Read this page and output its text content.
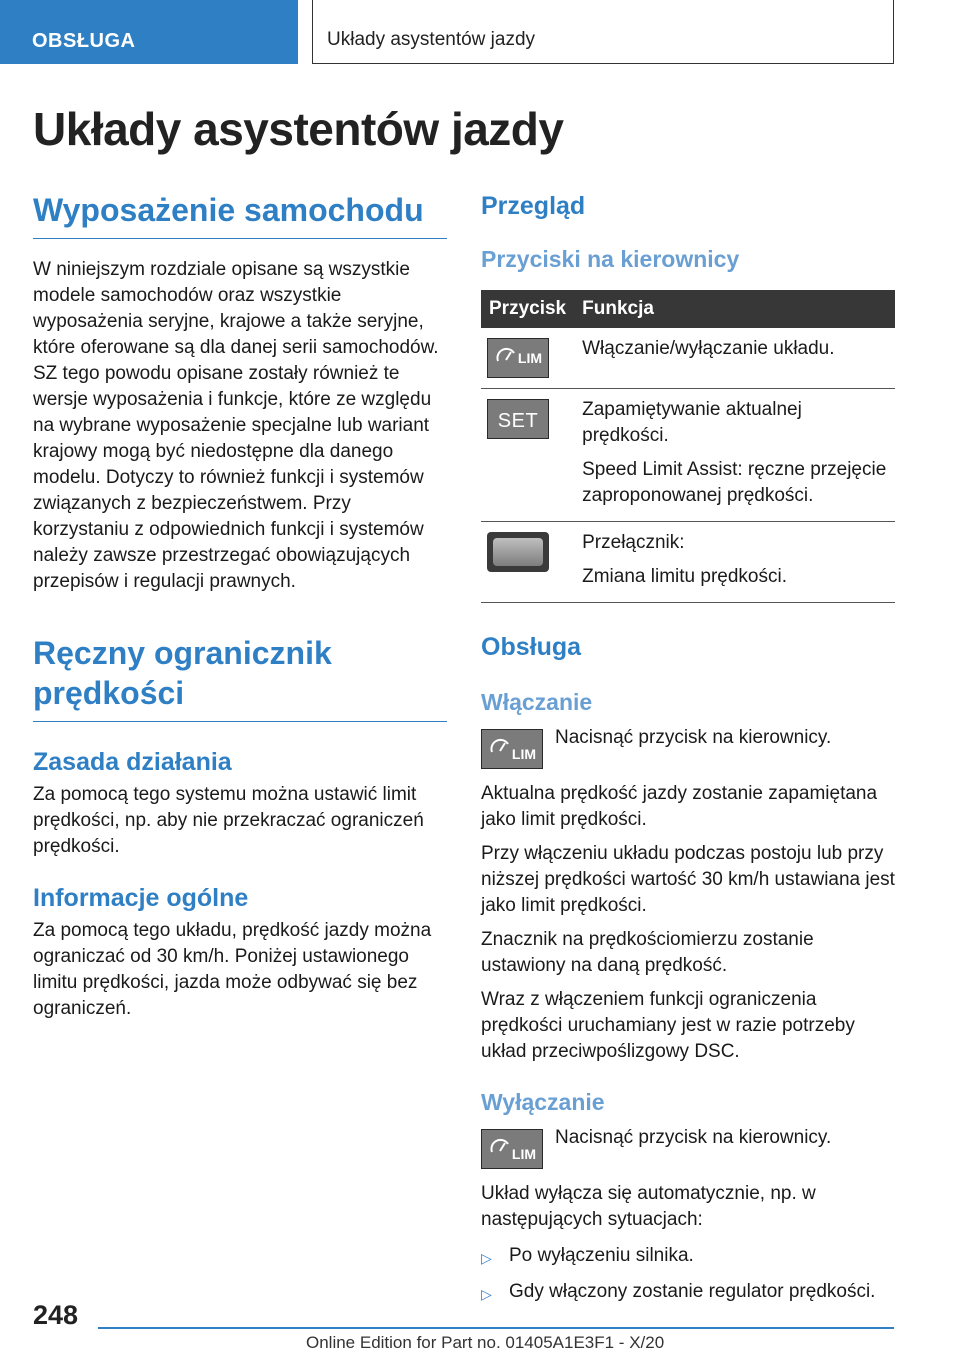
OBSŁUGA	Układy asystentów jazdy
Układy asystentów jazdy
Wyposażenie samochodu

W niniejszym rozdziale opisane są wszystkie modele samochodów oraz wszystkie wyposażenia seryjne, krajowe a także seryjne, które oferowane są dla danej serii samochodów. SZ tego powodu opisane zostały również te wersje wyposażenia i funkcje, które ze względu na wybrane wyposażenie specjalne lub wariant krajowy mogą być niedostępne dla danego modelu. Dotyczy to również funkcji i systemów związanych z bezpieczeństwem. Przy korzystaniu z odpowiednich funkcji i systemów należy zawsze przestrzegać obowiązujących przepisów i regulacji prawnych.

Ręczny ogranicznik prędkości
Zasada działania

Za pomocą tego systemu można ustawić limit prędkości, np. aby nie przekraczać ograniczeń prędkości.

Informacje ogólne

Za pomocą tego układu, prędkość jazdy można ograniczać od 30 km/h. Poniżej ustawionego limitu prędkości, jazda może odbywać się bez ograniczeń.

Przegląd
Przyciski na kierownicy
Przycisk	Funkcja

LIM	Włączanie/wyłączanie układu.

SET	Zapamiętywanie aktualnej prędkości.
Speed Limit Assist: ręczne przejęcie zaproponowanej prędkości.

	Przełącznik:
Zmiana limitu prędkości.
Obsługa
Włączanie
LIM

Nacisnąć przycisk na kierownicy.

Aktualna prędkość jazdy zostanie zapamiętana jako limit prędkości.

Przy włączeniu układu podczas postoju lub przy niższej prędkości wartość 30 km/h ustawiana jest jako limit prędkości.

Znacznik na prędkościomierzu zostanie ustawiony na daną prędkość.

Wraz z włączeniem funkcji ograniczenia prędkości uruchamiany jest w razie potrzeby układ przeciwpoślizgowy DSC.

Wyłączanie
LIM

Nacisnąć przycisk na kierownicy.

Układ wyłącza się automatycznie, np. w następujących sytuacjach:

▷ Po wyłączeniu silnika.
▷ Gdy włączony zostanie regulator prędkości.
248
Online Edition for Part no. 01405A1E3F1 - X/20
